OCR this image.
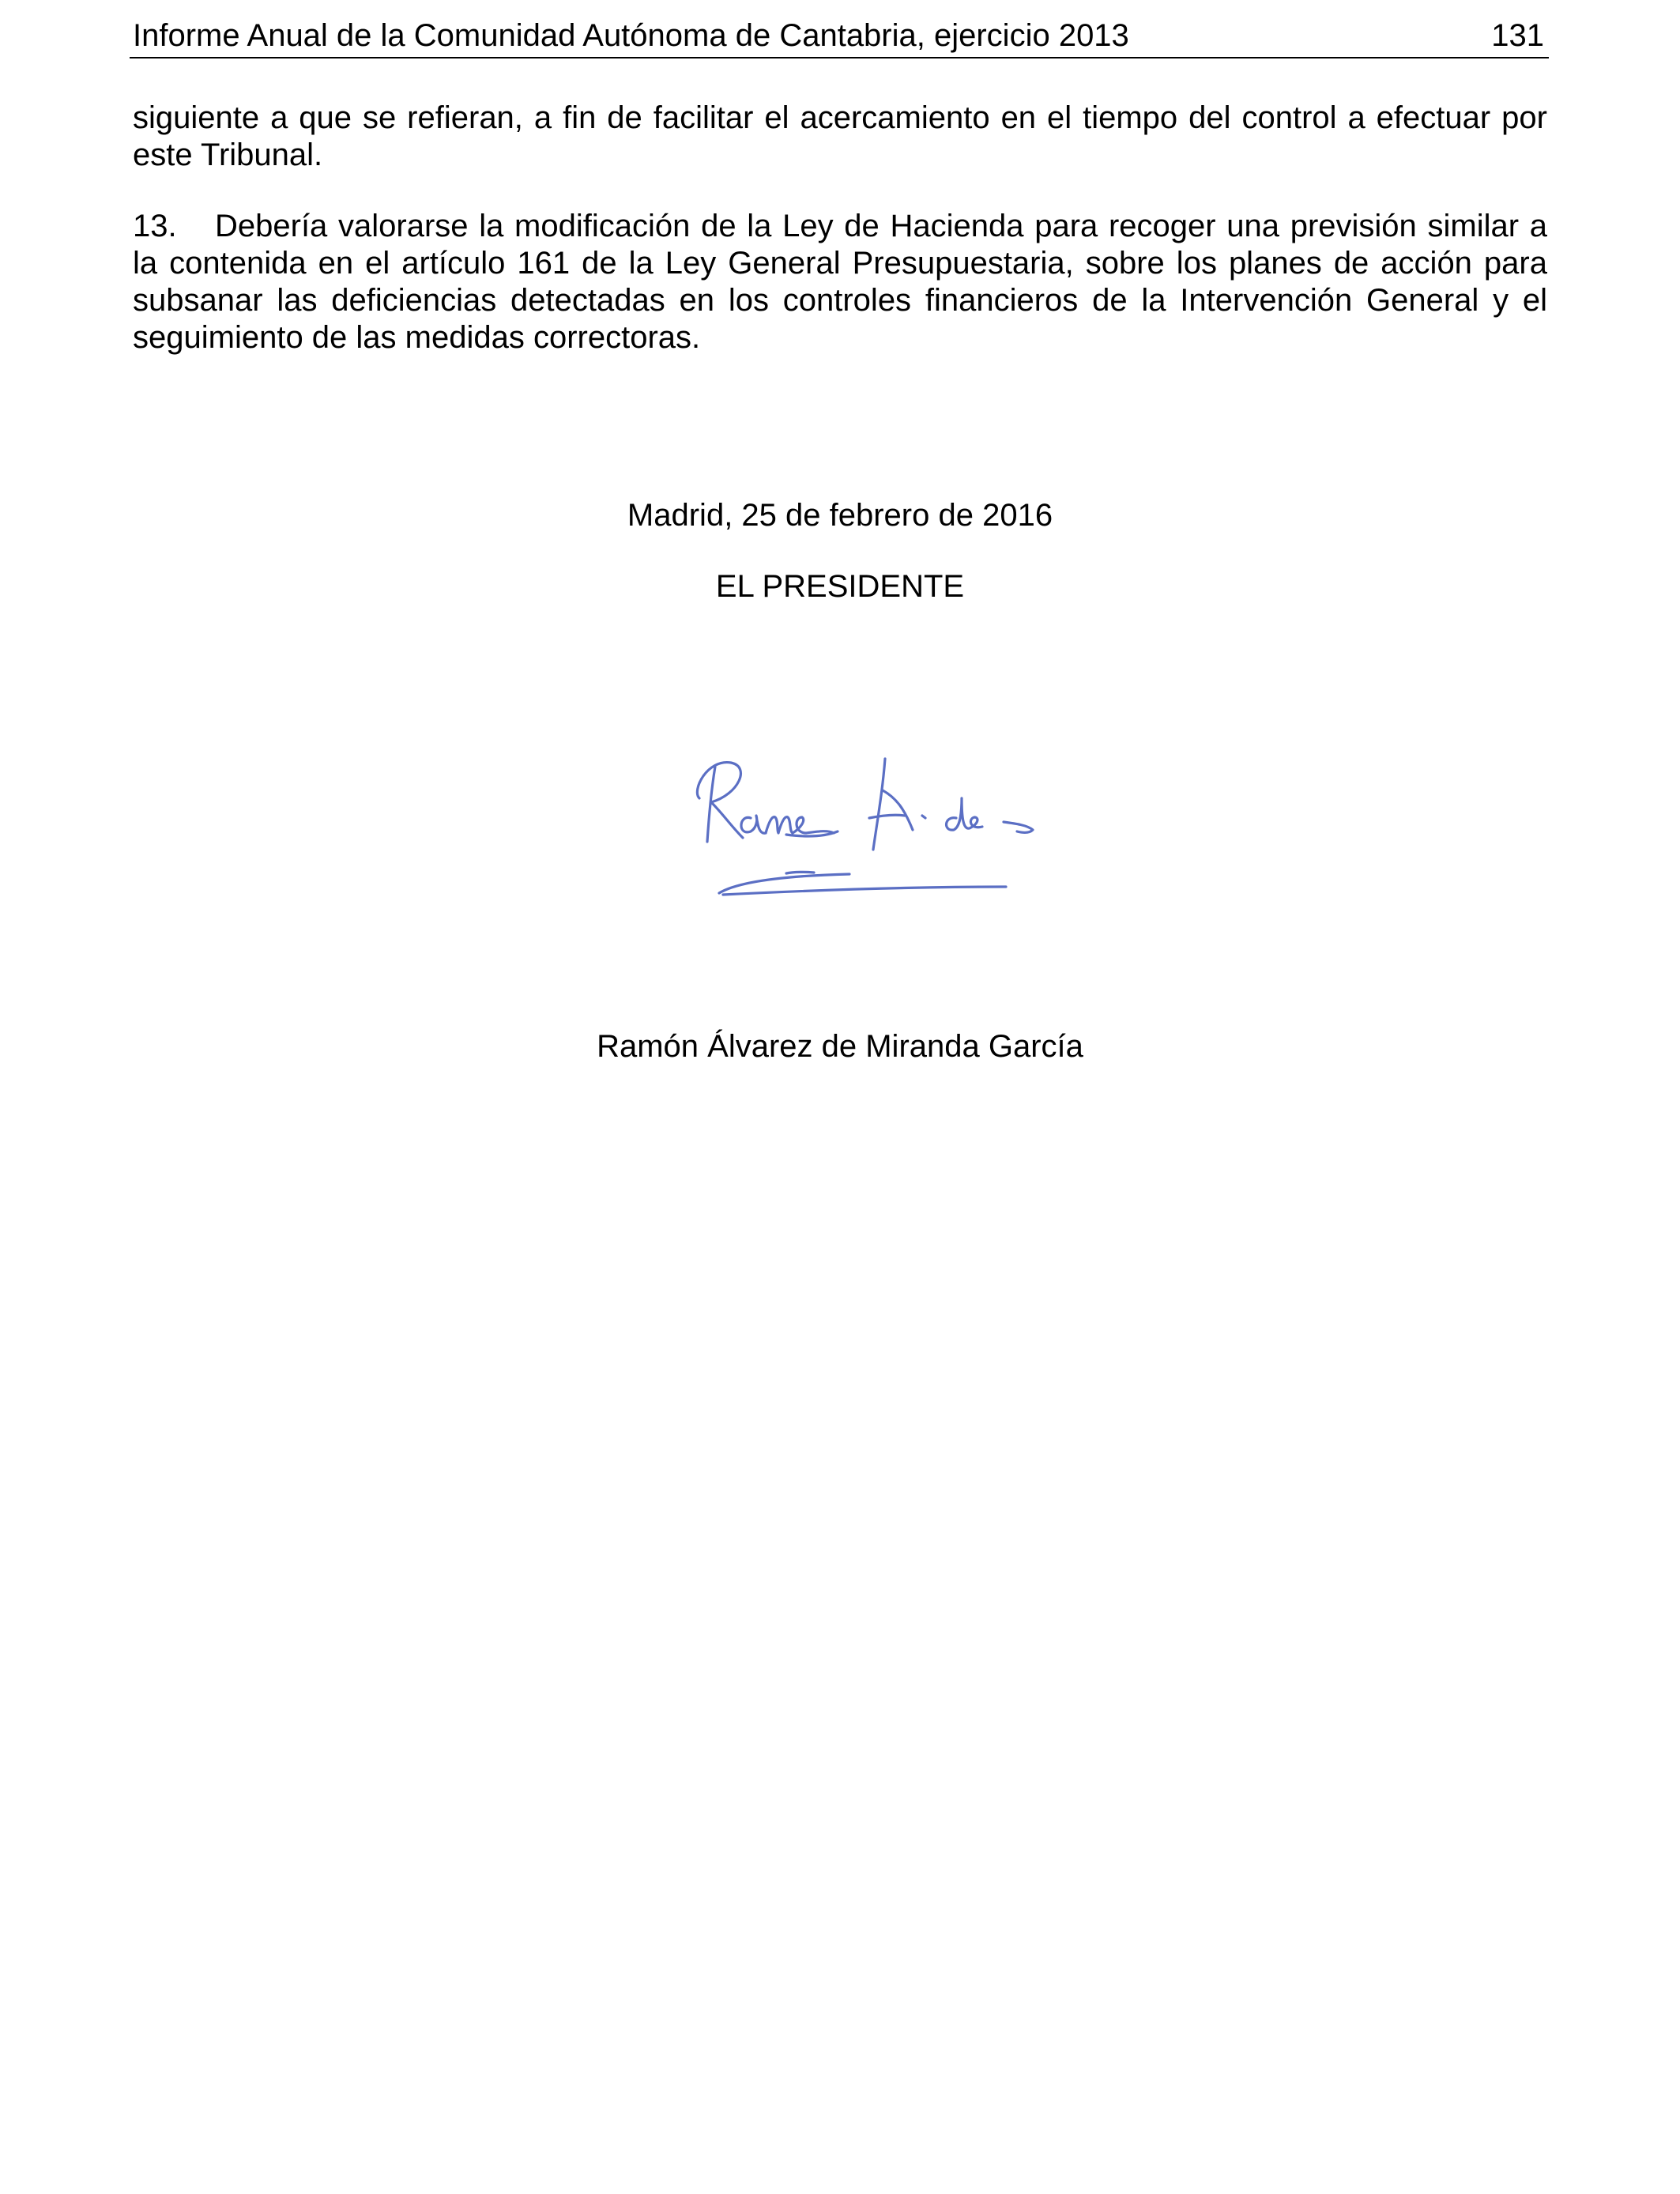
Informe Anual de la Comunidad Autónoma de Cantabria, ejercicio 2013	131

siguiente a que se refieran, a fin de facilitar el acercamiento en el tiempo del control a efectuar por este Tribunal.

13. Debería valorarse la modificación de la Ley de Hacienda para recoger una previsión similar a la contenida en el artículo 161 de la Ley General Presupuestaria, sobre los planes de acción para subsanar las deficiencias detectadas en los controles financieros de la Intervención General y el seguimiento de las medidas correctoras.

Madrid, 25 de febrero de 2016
EL PRESIDENTE
Ramón Álvarez de Miranda García
